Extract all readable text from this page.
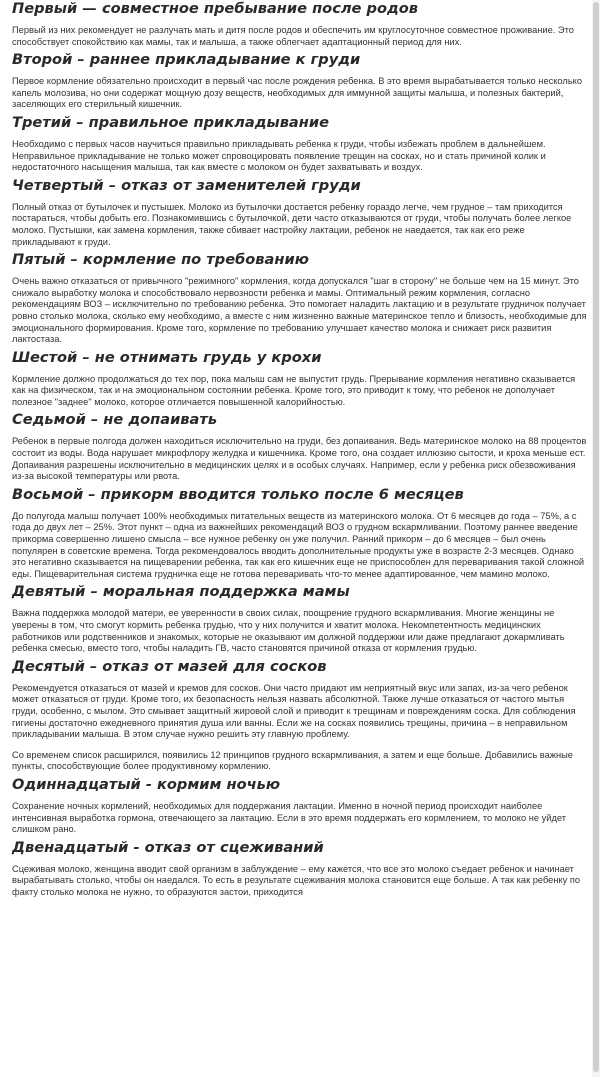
Первый — совместное пребывание после родов

Первый из них рекомендует не разлучать мать и дитя после родов и обеспечить им круглосуточное совместное проживание. Это способствует спокойствию как мамы, так и малыша, а также облегчает адаптационный период для них.

Второй – раннее прикладывание к груди

Первое кормление обязательно происходит в первый час после рождения ребенка. В это время вырабатывается только несколько капель молозива, но они содержат мощную дозу веществ, необходимых для иммунной защиты малыша, и полезных бактерий, заселяющих его стерильный кишечник.

Третий – правильное прикладывание

Необходимо с первых часов научиться правильно прикладывать ребенка к груди, чтобы избежать проблем в дальнейшем. Неправильное прикладывание не только может спровоцировать появление трещин на сосках, но и стать причиной колик и недостаточного насыщения малыша, так как вместе с молоком он будет захватывать и воздух.

Четвертый – отказ от заменителей груди

Полный отказ от бутылочек и пустышек. Молоко из бутылочки достается ребенку гораздо легче, чем грудное – там приходится постараться, чтобы добыть его. Познакомившись с бутылочкой, дети часто отказываются от груди, чтобы получать более легкое молоко. Пустышки, как замена кормления, также сбивает настройку лактации, ребенок не наедается, так как его реже прикладывают к груди.

Пятый – кормление по требованию

Очень важно отказаться от привычного "режимного" кормления, когда допускался "шаг в сторону" не больше чем на 15 минут. Это снижало выработку молока и способствовало нервозности ребенка и мамы. Оптимальный режим кормления, согласно рекомендациям ВОЗ – исключительно по требованию ребенка. Это помогает наладить лактацию и в результате грудничок получает ровно столько молока, сколько ему необходимо, а вместе с ним жизненно важные материнское тепло и близость, необходимые для эмоционального формирования. Кроме того, кормление по требованию улучшает качество молока и снижает риск развития лактостаза.

Шестой – не отнимать грудь у крохи

Кормление должно продолжаться до тех пор, пока малыш сам не выпустит грудь. Прерывание кормления негативно сказывается как на физическом, так и на эмоциональном состоянии ребенка. Кроме того, это приводит к тому, что ребенок не дополучает полезное "заднее" молоко, которое отличается повышенной калорийностью.

Седьмой – не допаивать

Ребенок в первые полгода должен находиться исключительно на груди, без допаивания. Ведь материнское молоко на 88 процентов состоит из воды. Вода нарушает микрофлору желудка и кишечника. Кроме того, она создает иллюзию сытости, и кроха меньше ест. Допаивания разрешены исключительно в медицинских целях и в особых случаях. Например, если у ребенка риск обезвоживания из-за высокой температуры или рвота.

Восьмой – прикорм вводится только после 6 месяцев

До полугода малыш получает 100% необходимых питательных веществ из материнского молока. От 6 месяцев до года – 75%, а с года до двух лет – 25%. Этот пункт – одна из важнейших рекомендаций ВОЗ о грудном вскармливании. Поэтому раннее введение прикорма совершенно лишено смысла – все нужное ребенку он уже получил. Ранний прикорм – до 6 месяцев – был очень популярен в советские времена. Тогда рекомендовалось вводить дополнительные продукты уже в возрасте 2-3 месяцев. Однако это негативно сказывается на пищеварении ребенка, так как его кишечник еще не приспособлен для переваривания такой сложной еды. Пищеварительная система грудничка еще не готова переваривать что-то менее адаптированное, чем мамино молоко.

Девятый – моральная поддержка мамы

Важна поддержка молодой матери, ее уверенности в своих силах, поощрение грудного вскармливания. Многие женщины не уверены в том, что смогут кормить ребенка грудью, что у них получится и хватит молока. Некомпетентность медицинских работников или родственников и знакомых, которые не оказывают им должной поддержки или даже предлагают докармливать ребенка смесью, вместо того, чтобы наладить ГВ, часто становятся причиной отказа от кормления грудью.

Десятый – отказ от мазей для сосков

Рекомендуется отказаться от мазей и кремов для сосков. Они часто придают им неприятный вкус или запах, из-за чего ребенок может отказаться от груди. Кроме того, их безопасность нельзя назвать абсолютной. Также лучше отказаться от частого мытья груди, особенно, с мылом. Это смывает защитный жировой слой и приводит к трещинам и повреждениям соска. Для соблюдения гигиены достаточно ежедневного принятия душа или ванны. Если же на сосках появились трещины, причина – в неправильном прикладывании малыша. В этом случае нужно решить эту главную проблему.

Со временем список расширился, появились 12 принципов грудного вскармливания, а затем и еще больше. Добавились важные пункты, способствующие более продуктивному кормлению.

Одиннадцатый - кормим ночью

Сохранение ночных кормлений, необходимых для поддержания лактации. Именно в ночной период происходит наиболее интенсивная выработка гормона, отвечающего за лактацию. Если в это время поддержать его кормлением, то молоко не уйдет слишком рано.

Двенадцатый - отказ от сцеживаний

Сцеживая молоко, женщина вводит свой организм в заблуждение – ему кажется, что все это молоко съедает ребенок и начинает вырабатывать столько, чтобы он наедался. То есть в результате сцеживания молока становится еще больше. А так как ребенку по факту столько молока не нужно, то образуются застои, приходится
